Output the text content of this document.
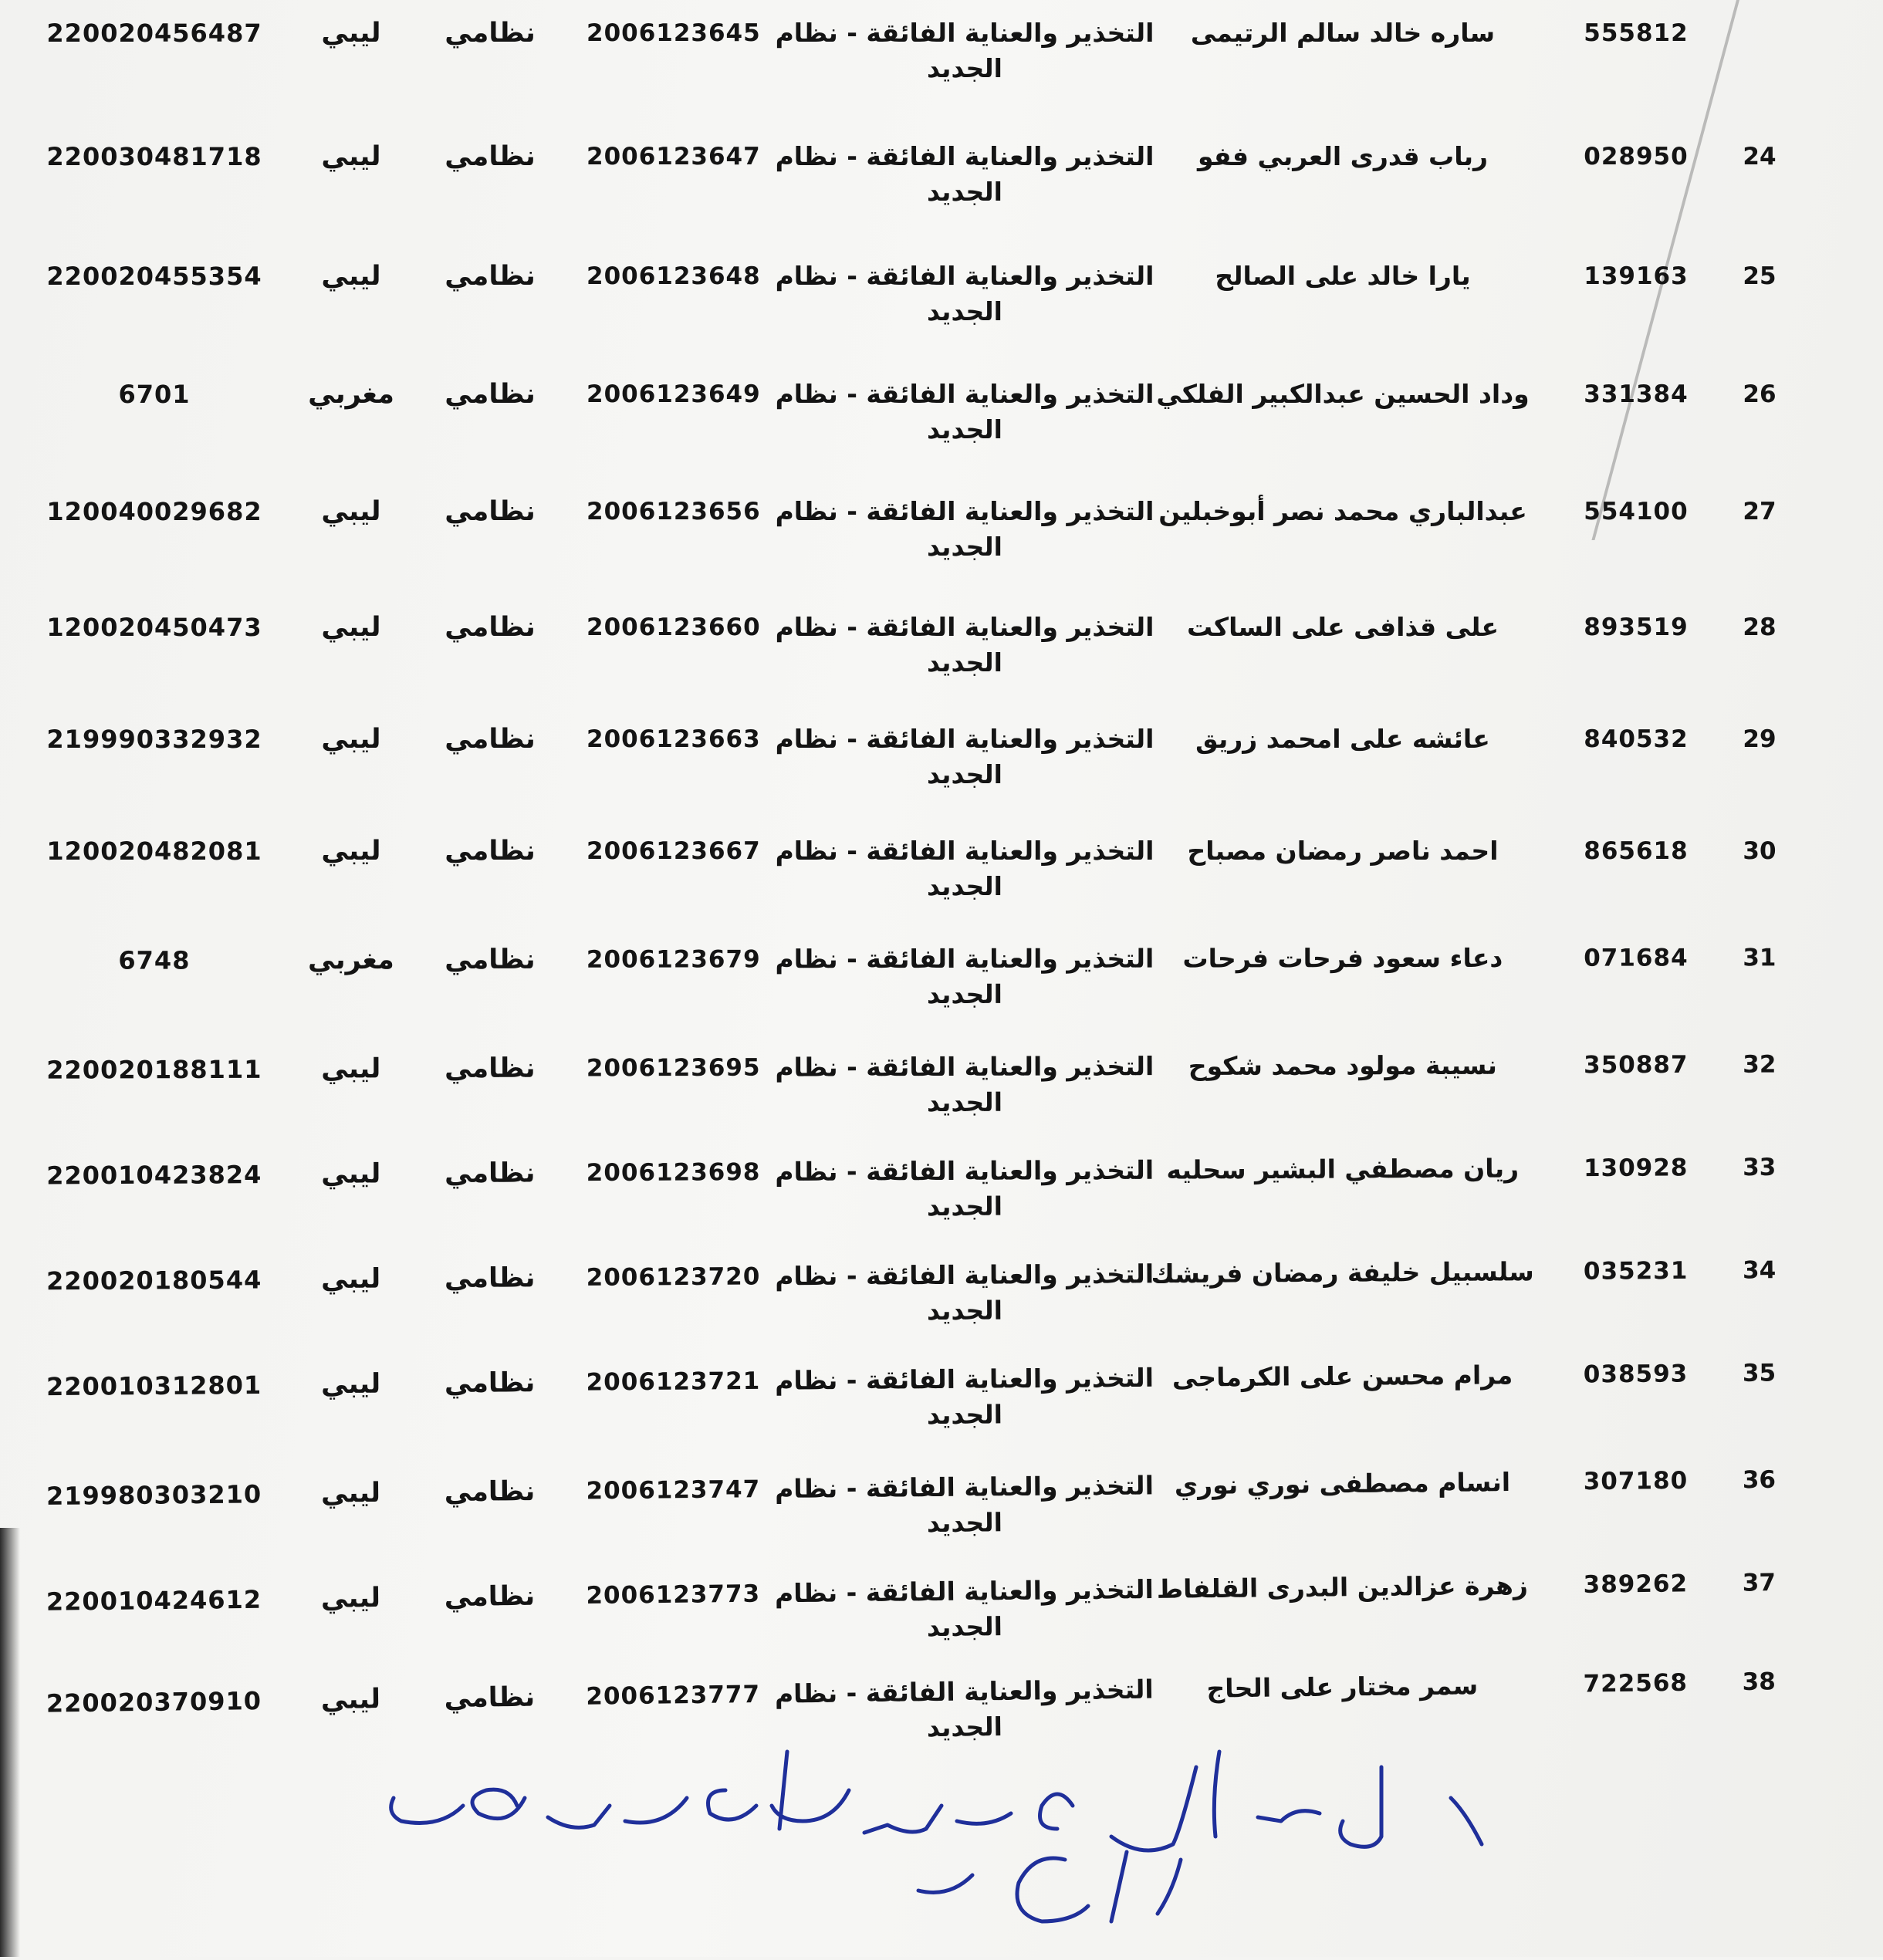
555812
ساره خالد سالم الرتيمى
التخذير والعناية الفائقة - نظام الجديد
2006123645
نظامي
ليبي
220020456487
24
028950
رباب قدرى العربي ففو
التخذير والعناية الفائقة - نظام الجديد
2006123647
نظامي
ليبي
220030481718
25
139163
يارا خالد على الصالح
التخذير والعناية الفائقة - نظام الجديد
2006123648
نظامي
ليبي
220020455354
26
331384
وداد الحسين عبدالكبير الفلكي
التخذير والعناية الفائقة - نظام الجديد
2006123649
نظامي
مغربي
6701
27
554100
عبدالباري محمد نصر أبوخبلين
التخذير والعناية الفائقة - نظام الجديد
2006123656
نظامي
ليبي
120040029682
28
893519
على قذافى على الساكت
التخذير والعناية الفائقة - نظام الجديد
2006123660
نظامي
ليبي
120020450473
29
840532
عائشه على امحمد زريق
التخذير والعناية الفائقة - نظام الجديد
2006123663
نظامي
ليبي
219990332932
30
865618
احمد ناصر رمضان مصباح
التخذير والعناية الفائقة - نظام الجديد
2006123667
نظامي
ليبي
120020482081
31
071684
دعاء سعود فرحات فرحات
التخذير والعناية الفائقة - نظام الجديد
2006123679
نظامي
مغربي
6748
32
350887
نسيبة مولود محمد شكوح
التخذير والعناية الفائقة - نظام الجديد
2006123695
نظامي
ليبي
220020188111
33
130928
ريان مصطفي البشير سحليه
التخذير والعناية الفائقة - نظام الجديد
2006123698
نظامي
ليبي
220010423824
34
035231
سلسبيل خليفة رمضان فريشك
التخذير والعناية الفائقة - نظام الجديد
2006123720
نظامي
ليبي
220020180544
35
038593
مرام محسن على الكرماجى
التخذير والعناية الفائقة - نظام الجديد
2006123721
نظامي
ليبي
220010312801
36
307180
انسام مصطفى نوري نوري
التخذير والعناية الفائقة - نظام الجديد
2006123747
نظامي
ليبي
219980303210
37
389262
زهرة عزالدين البدرى القلفاط
التخذير والعناية الفائقة - نظام الجديد
2006123773
نظامي
ليبي
220010424612
38
722568
سمر مختار على الحاج
التخذير والعناية الفائقة - نظام الجديد
2006123777
نظامي
ليبي
220020370910
